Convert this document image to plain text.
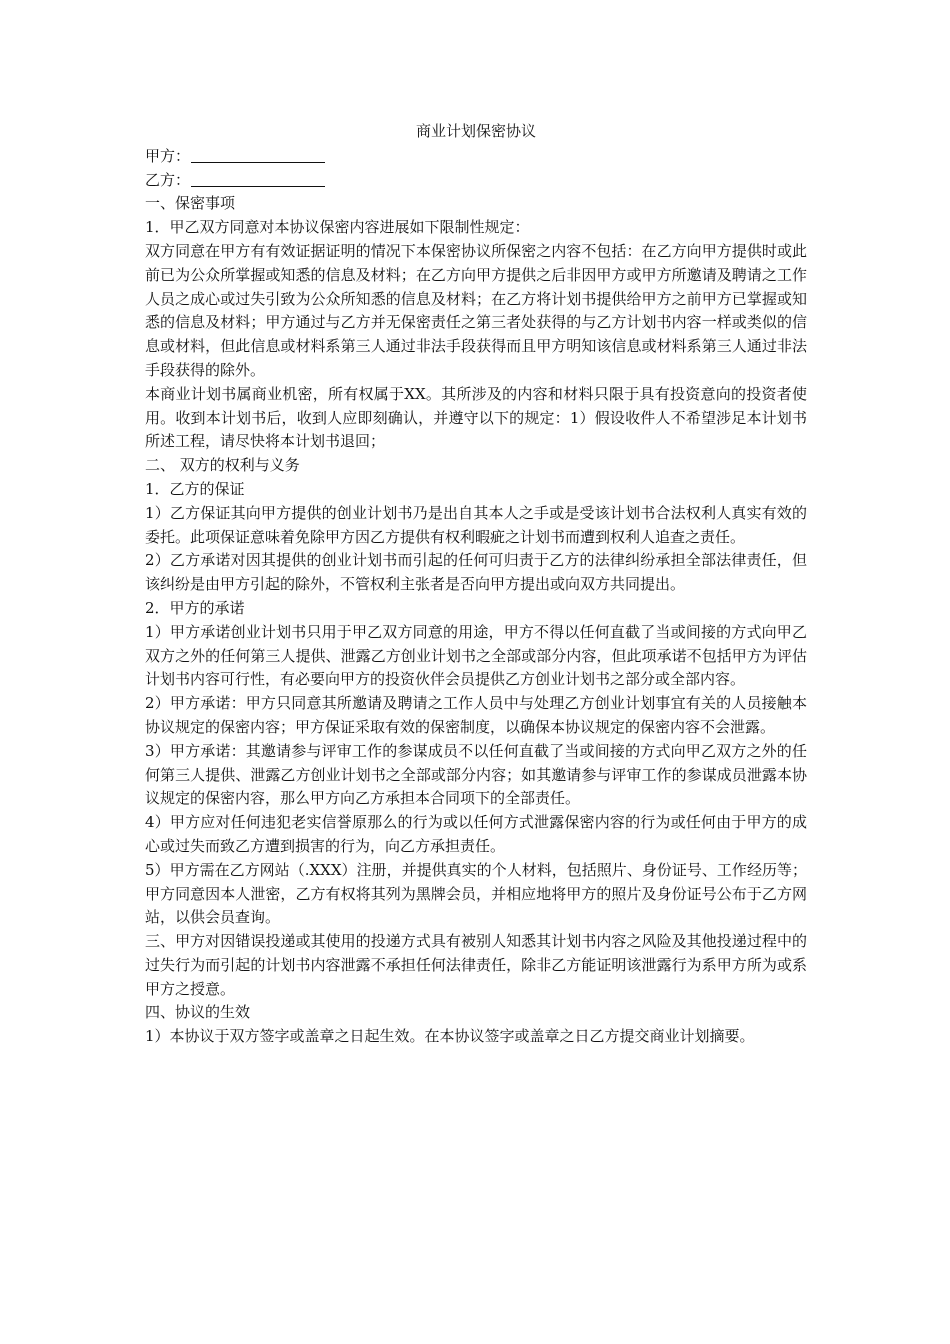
商业计划保密协议
甲方：
乙方：

一、保密事项

1．甲乙双方同意对本协议保密内容进展如下限制性规定：

双方同意在甲方有有效证据证明的情况下本保密协议所保密之内容不包括：在乙方向甲方提供时或此前已为公众所掌握或知悉的信息及材料；在乙方向甲方提供之后非因甲方或甲方所邀请及聘请之工作人员之成心或过失引致为公众所知悉的信息及材料；在乙方将计划书提供给甲方之前甲方已掌握或知悉的信息及材料；甲方通过与乙方并无保密责任之第三者处获得的与乙方计划书内容一样或类似的信息或材料，但此信息或材料系第三人通过非法手段获得而且甲方明知该信息或材料系第三人通过非法手段获得的除外。

本商业计划书属商业机密，所有权属于XX。其所涉及的内容和材料只限于具有投资意向的投资者使用。收到本计划书后，收到人应即刻确认，并遵守以下的规定：1）假设收件人不希望涉足本计划书所述工程，请尽快将本计划书退回；

二、 双方的权利与义务

1．乙方的保证

1）乙方保证其向甲方提供的创业计划书乃是出自其本人之手或是受该计划书合法权利人真实有效的委托。此项保证意味着免除甲方因乙方提供有权利暇疵之计划书而遭到权利人追查之责任。

2）乙方承诺对因其提供的创业计划书而引起的任何可归责于乙方的法律纠纷承担全部法律责任，但该纠纷是由甲方引起的除外，不管权利主张者是否向甲方提出或向双方共同提出。

2．甲方的承诺

1）甲方承诺创业计划书只用于甲乙双方同意的用途，甲方不得以任何直截了当或间接的方式向甲乙双方之外的任何第三人提供、泄露乙方创业计划书之全部或部分内容，但此项承诺不包括甲方为评估计划书内容可行性，有必要向甲方的投资伙伴会员提供乙方创业计划书之部分或全部内容。

2）甲方承诺：甲方只同意其所邀请及聘请之工作人员中与处理乙方创业计划事宜有关的人员接触本协议规定的保密内容；甲方保证采取有效的保密制度，以确保本协议规定的保密内容不会泄露。

3）甲方承诺：其邀请参与评审工作的参谋成员不以任何直截了当或间接的方式向甲乙双方之外的任何第三人提供、泄露乙方创业计划书之全部或部分内容；如其邀请参与评审工作的参谋成员泄露本协议规定的保密内容，那么甲方向乙方承担本合同项下的全部责任。

4）甲方应对任何违犯老实信誉原那么的行为或以任何方式泄露保密内容的行为或任何由于甲方的成心或过失而致乙方遭到损害的行为，向乙方承担责任。

5）甲方需在乙方网站（.XXX）注册，并提供真实的个人材料，包括照片、身份证号、工作经历等；甲方同意因本人泄密，乙方有权将其列为黑牌会员，并相应地将甲方的照片及身份证号公布于乙方网站，以供会员查询。

三、甲方对因错误投递或其使用的投递方式具有被别人知悉其计划书内容之风险及其他投递过程中的过失行为而引起的计划书内容泄露不承担任何法律责任，除非乙方能证明该泄露行为系甲方所为或系甲方之授意。

四、协议的生效

1）本协议于双方签字或盖章之日起生效。在本协议签字或盖章之日乙方提交商业计划摘要。
